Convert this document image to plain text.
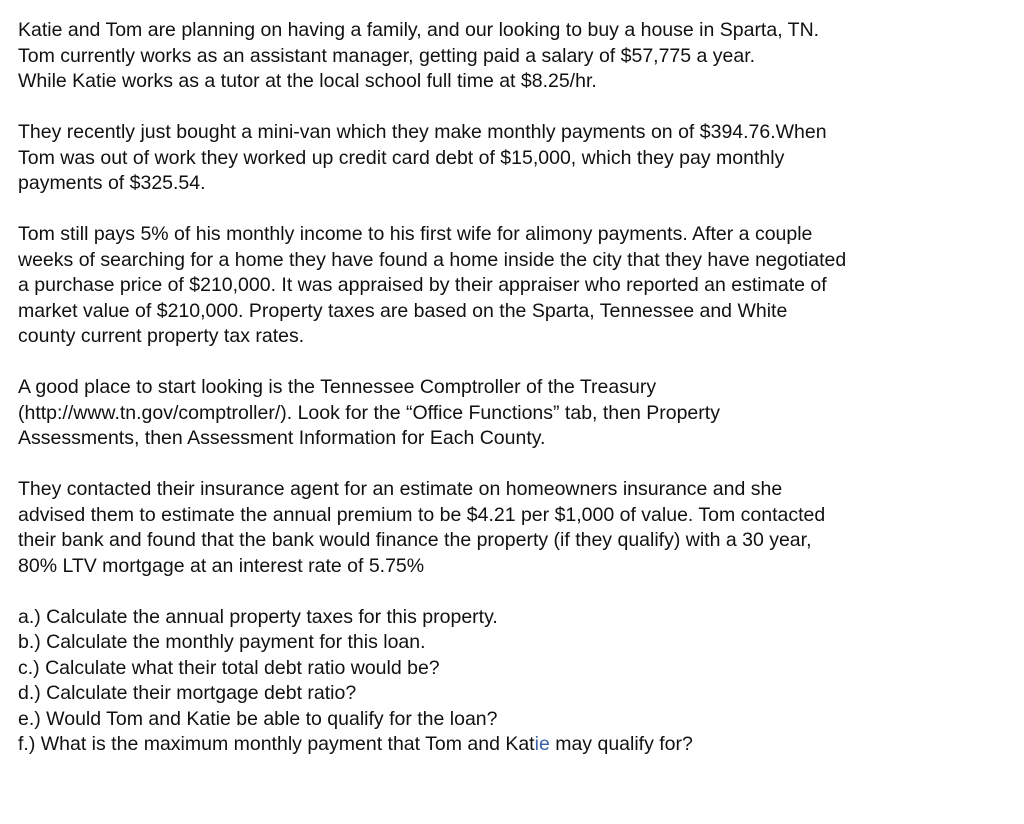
Katie and Tom are planning on having a family, and our looking to buy a house in Sparta, TN.
Tom currently works as an assistant manager, getting paid a salary of $57,775 a year.
While Katie works as a tutor at the local school full time at $8.25/hr.

They recently just bought a mini-van which they make monthly payments on of $394.76.When
Tom was out of work they worked up credit card debt of $15,000, which they pay monthly
payments of $325.54.

Tom still pays 5% of his monthly income to his first wife for alimony payments. After a couple
weeks of searching for a home they have found a home inside the city that they have negotiated
a purchase price of $210,000. It was appraised by their appraiser who reported an estimate of
market value of $210,000. Property taxes are based on the Sparta, Tennessee and White
county current property tax rates.

A good place to start looking is the Tennessee Comptroller of the Treasury
(http://www.tn.gov/comptroller/). Look for the “Office Functions” tab, then Property
Assessments, then Assessment Information for Each County.

They contacted their insurance agent for an estimate on homeowners insurance and she
advised them to estimate the annual premium to be $4.21 per $1,000 of value. Tom contacted
their bank and found that the bank would finance the property (if they qualify) with a 30 year,
80% LTV mortgage at an interest rate of 5.75%

a.) Calculate the annual property taxes for this property.
b.) Calculate the monthly payment for this loan.
c.) Calculate what their total debt ratio would be?
d.) Calculate their mortgage debt ratio?
e.) Would Tom and Katie be able to qualify for the loan?
f.) What is the maximum monthly payment that Tom and Katie may qualify for?
